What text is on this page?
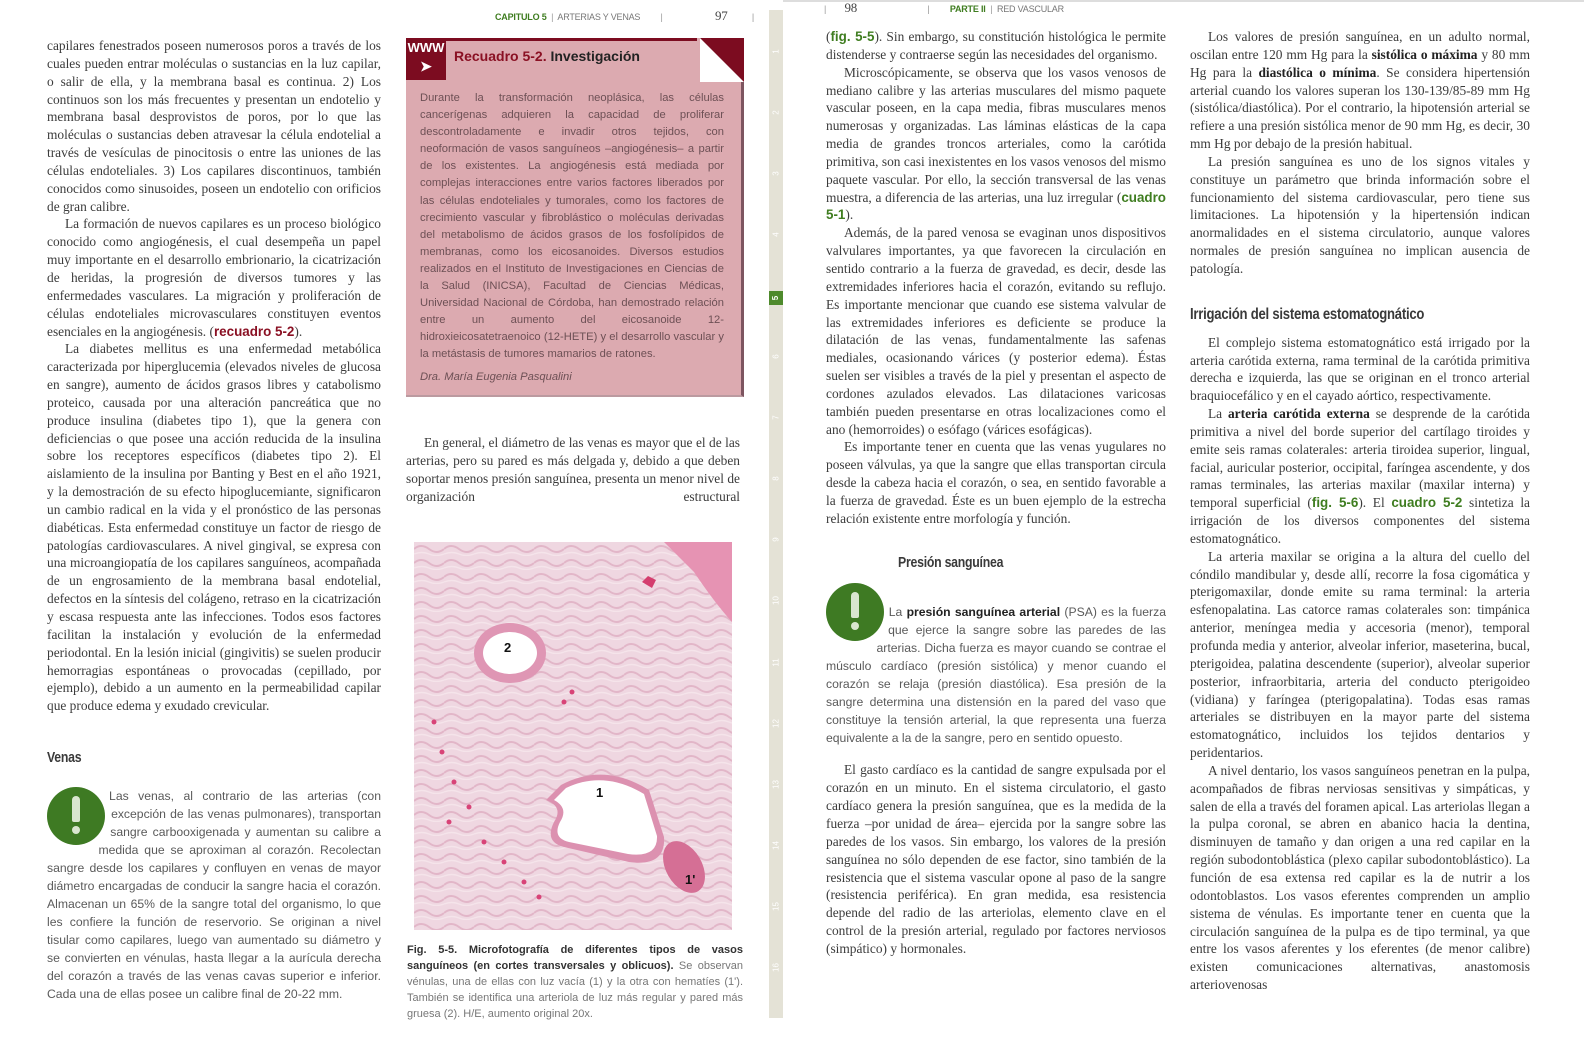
CAPITULO 5  |  ARTERIAS Y VENAS |	97	|

capilares fenestrados poseen numerosos poros a través de los cuales pueden entrar moléculas o sustancias en la luz capilar, o salir de ella, y la membrana basal es continua. 2) Los continuos son los más frecuentes y presentan un endotelio y membrana basal desprovistos de poros, por lo que las moléculas o sustancias deben atravesar la célula endotelial a través de vesículas de pinocitosis o entre las uniones de las células endoteliales. 3) Los capilares discontinuos, también conocidos como sinusoides, poseen un endotelio con orificios de gran calibre.

La formación de nuevos capilares es un proceso biológico conocido como angiogénesis, el cual desempeña un papel muy importante en el desarrollo embrionario, la cicatrización de heridas, la progresión de diversos tumores y las enfermedades vasculares. La migración y proliferación de células endoteliales microvasculares constituyen eventos esenciales en la angiogénesis. (recuadro 5-2).

La diabetes mellitus es una enfermedad metabólica caracterizada por hiperglucemia (elevados niveles de glucosa en sangre), aumento de ácidos grasos libres y catabolismo proteico, causada por una alteración pancreática que no produce insulina (diabetes tipo 1), que la genera con deficiencias o que posee una acción reducida de la insulina sobre los receptores específicos (diabetes tipo 2). El aislamiento de la insulina por Banting y Best en el año 1921, y la demostración de su efecto hipoglucemiante, significaron un cambio radical en la vida y el pronóstico de las personas diabéticas. Esta enfermedad constituye un factor de riesgo de patologías cardiovasculares. A nivel gingival, se expresa con una microangiopatía de los capilares sanguíneos, acompañada de un engrosamiento de la membrana basal endotelial, defectos en la síntesis del colágeno, retraso en la cicatrización y escasa respuesta ante las infecciones. Todos esos factores facilitan la instalación y evolución de la enfermedad periodontal. En la lesión inicial (gingivitis) se suelen producir hemorragias espontáneas o provocadas (cepillado, por ejemplo), debido a un aumento en la permeabilidad capilar que produce edema y exudado crevicular.

Venas
Las venas, al contrario de las arterias (con excepción de las venas pulmonares), transportan sangre carbooxigenada y aumentan su calibre a medida que se aproximan al corazón. Recolectan sangre desde los capilares y confluyen en venas de mayor diámetro encargadas de conducir la sangre hacia el corazón. Almacenan un 65% de la sangre total del organismo, lo que les confiere la función de reservorio. Se originan a nivel tisular como capilares, luego van aumentado su diámetro y se convierten en vénulas, hasta llegar a la aurícula derecha del corazón a través de las venas cavas superior e inferior. Cada una de ellas posee un calibre final de 20-22 mm.
WWW
➤
Recuadro 5-2. Investigación
Durante la transformación neoplásica, las células cancerígenas adquieren la capacidad de proliferar descontroladamente e invadir otros tejidos, con neoformación de vasos sanguíneos –angiogénesis– a partir de los existentes. La angiogénesis está mediada por complejas interacciones entre varios factores liberados por las células endoteliales y tumorales, como los factores de crecimiento vascular y fibroblástico o moléculas derivadas del metabolismo de ácidos grasos de los fosfolípidos de membranas, como los eicosanoides. Diversos estudios realizados en el Instituto de Investigaciones en Ciencias de la Salud (INICSA), Facultad de Ciencias Médicas, Universidad Nacional de Córdoba, han demostrado relación entre un aumento del eicosanoide 12- hidroxieicosatetraenoico (12-HETE) y el desarrollo vascular y la metástasis de tumores mamarios de ratones.
Dra. María Eugenia Pasqualini

En general, el diámetro de las venas es mayor que el de las arterias, pero su pared es más delgada y, debido a que deben soportar menos presión sanguínea, presenta un menor nivel de organización estructural

2
1
1'
Fig. 5-5. Microfotografía de diferentes tipos de vasos sanguíneos (en cortes transversales y oblicuos). Se observan vénulas, una de ellas con luz vacía (1) y la otra con hematíes (1'). También se identifica una arteriola de luz más regular y pared más gruesa (2). H/E, aumento original 20x.
1
2
3
4
5
6
7
8
9
10
11
12
13
14
15
16
| 98	| PARTE II  |  RED VASCULAR

(fig. 5-5). Sin embargo, su constitución histológica le permite distenderse y contraerse según las necesidades del organismo.

Microscópicamente, se observa que los vasos venosos de mediano calibre y las arterias musculares del mismo paquete vascular poseen, en la capa media, fibras musculares menos numerosas y organizadas. Las láminas elásticas de la capa media de grandes troncos arteriales, como la carótida primitiva, son casi inexistentes en los vasos venosos del mismo paquete vascular. Por ello, la sección transversal de las venas muestra, a diferencia de las arterias, una luz irregular (cuadro 5-1).

Además, de la pared venosa se evaginan unos dispositivos valvulares importantes, ya que favorecen la circulación en sentido contrario a la fuerza de gravedad, es decir, desde las extremidades inferiores hacia el corazón, evitando su reflujo. Es importante mencionar que cuando ese sistema valvular de las extremidades inferiores es deficiente se produce la dilatación de las venas, fundamentalmente las safenas mediales, ocasionando várices (y posterior edema). Éstas suelen ser visibles a través de la piel y presentan el aspecto de cordones azulados elevados. Las dilataciones varicosas también pueden presentarse en otras localizaciones como el ano (hemorroides) o esófago (várices esofágicas).

Es importante tener en cuenta que las venas yugulares no poseen válvulas, ya que la sangre que ellas transportan circula desde la cabeza hacia el corazón, o sea, en sentido favorable a la fuerza de gravedad. Éste es un buen ejemplo de la estrecha relación existente entre morfología y función.

Presión sanguínea
La presión sanguínea arterial (PSA) es la fuerza que ejerce la sangre sobre las paredes de las arterias. Dicha fuerza es mayor cuando se contrae el músculo cardíaco (presión sistólica) y menor cuando el corazón se relaja (presión diastólica). Esa presión de la sangre determina una distensión en la pared del vaso que constituye la tensión arterial, la que representa una fuerza equivalente a la de la sangre, pero en sentido opuesto.

El gasto cardíaco es la cantidad de sangre expulsada por el corazón en un minuto. En el sistema circulatorio, el gasto cardíaco genera la presión sanguínea, que es la medida de la fuerza –por unidad de área– ejercida por la sangre sobre las paredes de los vasos. Sin embargo, los valores de la presión sanguínea no sólo dependen de ese factor, sino también de la resistencia que el sistema vascular opone al paso de la sangre (resistencia periférica). En gran medida, esa resistencia depende del radio de las arteriolas, elemento clave en el control de la presión arterial, regulado por factores nerviosos (simpático) y hormonales.

Los valores de presión sanguínea, en un adulto normal, oscilan entre 120 mm Hg para la sistólica o máxima y 80 mm Hg para la diastólica o mínima. Se considera hipertensión arterial cuando los valores superan los 130-139/85-89 mm Hg (sistólica/diastólica). Por el contrario, la hipotensión arterial se refiere a una presión sistólica menor de 90 mm Hg, es decir, 30 mm Hg por debajo de la presión habitual.

La presión sanguínea es uno de los signos vitales y constituye un parámetro que brinda información sobre el funcionamiento del sistema cardiovascular, pero tiene sus limitaciones. La hipotensión y la hipertensión indican anormalidades en el sistema circulatorio, aunque valores normales de presión sanguínea no implican ausencia de patología.

Irrigación del sistema estomatognático

El complejo sistema estomatognático está irrigado por la arteria carótida externa, rama terminal de la carótida primitiva derecha e izquierda, las que se originan en el tronco arterial braquiocefálico y en el cayado aórtico, respectivamente.

La arteria carótida externa se desprende de la carótida primitiva a nivel del borde superior del cartílago tiroides y emite seis ramas colaterales: arteria tiroidea superior, lingual, facial, auricular posterior, occipital, faríngea ascendente, y dos ramas terminales, las arterias maxilar (maxilar interna) y temporal superficial (fig. 5-6). El cuadro 5-2 sintetiza la irrigación de los diversos componentes del sistema estomatognático.

La arteria maxilar se origina a la altura del cuello del cóndilo mandibular y, desde allí, recorre la fosa cigomática y pterigomaxilar, donde emite su rama terminal: la arteria esfenopalatina. Las catorce ramas colaterales son: timpánica anterior, meníngea media y accesoria (menor), temporal profunda media y anterior, alveolar inferior, maseterina, bucal, pterigoidea, palatina descendente (superior), alveolar superior posterior, infraorbitaria, arteria del conducto pterigoideo (vidiana) y faríngea (pterigopalatina). Todas esas ramas arteriales se distribuyen en la mayor parte del sistema estomatognático, incluidos los tejidos dentarios y peridentarios.

A nivel dentario, los vasos sanguíneos penetran en la pulpa, acompañados de fibras nerviosas sensitivas y simpáticas, y salen de ella a través del foramen apical. Las arteriolas llegan a la pulpa coronal, se abren en abanico hacia la dentina, disminuyen de tamaño y dan origen a una red capilar en la región subodontoblástica (plexo capilar subodontoblástico). La función de esa extensa red capilar es la de nutrir a los odontoblastos. Los vasos eferentes comprenden un amplio sistema de vénulas. Es importante tener en cuenta que la circulación sanguínea de la pulpa es de tipo terminal, ya que entre los vasos aferentes y los eferentes (de menor calibre) existen comunicaciones alternativas, anastomosis arteriovenosas
